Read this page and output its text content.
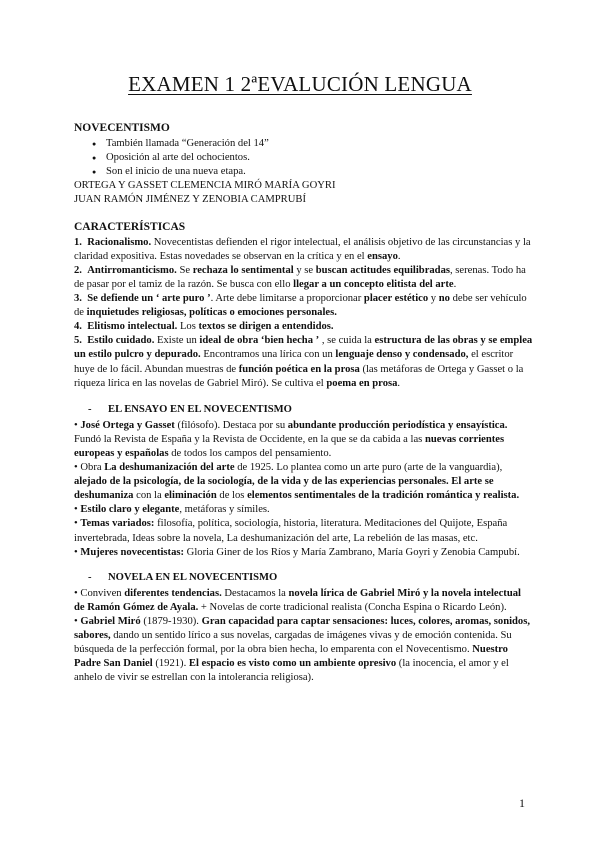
EXAMEN 1 2ªEVALUCIÓN LENGUA
NOVECENTISMO
● También llamada “Generación del 14”
● Oposición al arte del ochocientos.
● Son el inicio de una nueva etapa.

ORTEGA Y GASSET CLEMENCIA MIRÓ MARÍA GOYRI

JUAN RAMÓN JIMÉNEZ Y ZENOBIA CAMPRUBÍ

CARACTERÍSTICAS

1. Racionalismo. Novecentistas defienden el rigor intelectual, el análisis objetivo de las circunstancias y la claridad expositiva. Estas novedades se observan en la crítica y en el ensayo.

2. Antirromanticismo. Se rechaza lo sentimental y se buscan actitudes equilibradas, serenas. Todo ha de pasar por el tamiz de la razón. Se busca con ello llegar a un concepto elitista del arte.

3. Se defiende un ‘ arte puro ’. Arte debe limitarse a proporcionar placer estético y no debe ser vehículo de inquietudes religiosas, políticas o emociones personales.

4. Elitismo intelectual. Los textos se dirigen a entendidos.

5. Estilo cuidado. Existe un ideal de obra ‘bien hecha ’ , se cuida la estructura de las obras y se emplea un estilo pulcro y depurado. Encontramos una lírica con un lenguaje denso y condensado, el escritor huye de lo fácil. Abundan muestras de función poética en la prosa (las metáforas de Ortega y Gasset o la riqueza lírica en las novelas de Gabriel Miró). Se cultiva el poema en prosa.

- EL ENSAYO EN EL NOVECENTISMO

• José Ortega y Gasset (filósofo). Destaca por su abundante producción periodística y ensayística. Fundó la Revista de España y la Revista de Occidente, en la que se da cabida a las nuevas corrientes europeas y españolas de todos los campos del pensamiento.

• Obra La deshumanización del arte de 1925. Lo plantea como un arte puro (arte de la vanguardia), alejado de la psicología, de la sociología, de la vida y de las experiencias personales. El arte se deshumaniza con la eliminación de los elementos sentimentales de la tradición romántica y realista.

• Estilo claro y elegante, metáforas y símiles.

• Temas variados: filosofía, política, sociología, historia, literatura. Meditaciones del Quijote, España invertebrada, Ideas sobre la novela, La deshumanización del arte, La rebelión de las masas, etc.

• Mujeres novecentistas: Gloria Giner de los Ríos y María Zambrano, María Goyri y Zenobia Campubí.

- NOVELA EN EL NOVECENTISMO

• Conviven diferentes tendencias. Destacamos la novela lírica de Gabriel Miró y la novela intelectual de Ramón Gómez de Ayala. + Novelas de corte tradicional realista (Concha Espina o Ricardo León).

• Gabriel Miró (1879-1930). Gran capacidad para captar sensaciones: luces, colores, aromas, sonidos, sabores, dando un sentido lírico a sus novelas, cargadas de imágenes vivas y de emoción contenida. Su búsqueda de la perfección formal, por la obra bien hecha, lo emparenta con el Novecentismo. Nuestro Padre San Daniel (1921). El espacio es visto como un ambiente opresivo (la inocencia, el amor y el anhelo de vivir se estrellan con la intolerancia religiosa).

1
